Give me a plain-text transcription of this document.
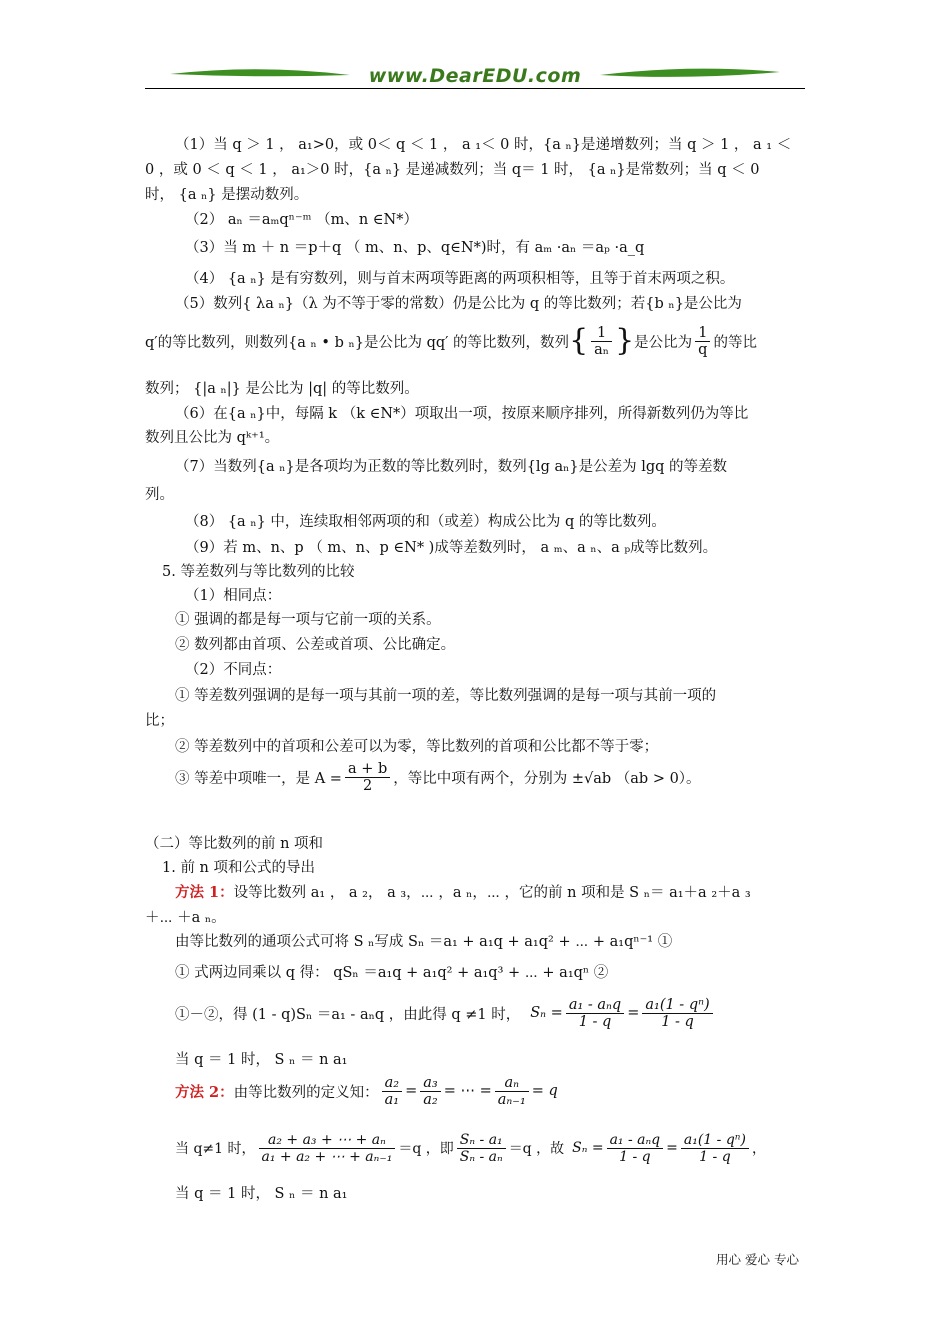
www.DearEDU.com
（1）当 q ＞ 1 ， a₁>0，或 0＜ q ＜ 1 ， a ₁＜ 0 时，{a ₙ}是递增数列；当 q ＞ 1 ， a ₁ ＜
0 ，或 0 ＜ q ＜ 1 ， a₁＞0 时，{a ₙ} 是递减数列；当 q＝ 1 时， {a ₙ}是常数列；当 q ＜ 0
时， {a ₙ} 是摆动数列。
（2） aₙ ＝aₘqⁿ⁻ᵐ （m、n ∈N*）
（3）当 m ＋ n ＝p＋q （ m、n、p、q∈N*)时，有 aₘ ·aₙ ＝aₚ ·a_q
（4） {a ₙ} 是有穷数列，则与首末两项等距离的两项积相等，且等于首末两项之积。
（5）数列{ λa ₙ}（λ 为不等于零的常数）仍是公比为 q 的等比数列；若{b ₙ}是公比为
q′的等比数列，则数列{a ₙ • b ₙ}是公比为 qq′ 的等比数列，数列 { $\frac{1}{\text{aₙ}}$ } 是公比为 $\frac{1}{q}$ 的等比
数列； {|a ₙ|} 是公比为 |q| 的等比数列。
（6）在{a ₙ}中，每隔 k （k ∈N*）项取出一项，按原来顺序排列，所得新数列仍为等比
数列且公比为 qᵏ⁺¹。
（7）当数列{a ₙ}是各项均为正数的等比数列时，数列{lg aₙ}是公差为 lgq 的等差数
列。
（8） {a ₙ} 中，连续取相邻两项的和（或差）构成公比为 q 的等比数列。
（9）若 m、n、p （ m、n、p ∈N* )成等差数列时， a ₘ、a ₙ、a ₚ成等比数列。
5. 等差数列与等比数列的比较
（1）相同点：
① 强调的都是每一项与它前一项的关系。
② 数列都由首项、公差或首项、公比确定。
（2）不同点：
① 等差数列强调的是每一项与其前一项的差，等比数列强调的是每一项与其前一项的
比；
② 等差数列中的首项和公差可以为零，等比数列的首项和公比都不等于零；
③ 等差中项唯一，是 $A = \frac{a + b}{2}$ ，等比中项有两个，分别为 ±√ab （ab > 0）。
（二）等比数列的前 n 项和
1. 前 n 项和公式的导出
方法 1：设等比数列 a₁ ， a ₂， a ₃，⋯ ，a ₙ，⋯ ，它的前 n 项和是 S ₙ＝ a₁＋a ₂＋a ₃
＋⋯ ＋a ₙ。
由等比数列的通项公式可将 S ₙ写成 Sₙ ＝a₁ + a₁q + a₁q² + ⋯ + a₁qⁿ⁻¹ ①
① 式两边同乘以 q 得： qSₙ ＝a₁q + a₁q² + a₁q³ + ⋯ + a₁qⁿ ②
①－②，得 (1 - q)Sₙ ＝a₁ - aₙq ，由此得 q ≠1 时， $S_n = \frac{\text{a₁ - aₙq}}{1 - q} = \frac{\text{a₁(1 - qⁿ)}}{1 - q}$
当 q ＝ 1 时， S ₙ ＝ n a₁
方法 2： 由等比数列的定义知： $\frac{\text{a₂}}{\text{a₁}} = \frac{\text{a₃}}{\text{a₂}}$ = ⋯ = $\frac{\text{aₙ}}{\text{aₙ₋₁}} = q$
当 q≠1 时， $\frac{\text{a₂ + a₃ + ⋯ + aₙ}}{\text{a₁ + a₂ + ⋯ + aₙ₋₁}} =q$ ，即 $\frac{\text{Sₙ - a₁}}{\text{Sₙ - aₙ}} =q$ ，故 $S_n = \frac{\text{a₁ - aₙq}}{1 - q} = \frac{\text{a₁(1 - qⁿ)}}{1 - q}$ ，
当 q ＝ 1 时， S ₙ ＝ n a₁
用心 爱心 专心
